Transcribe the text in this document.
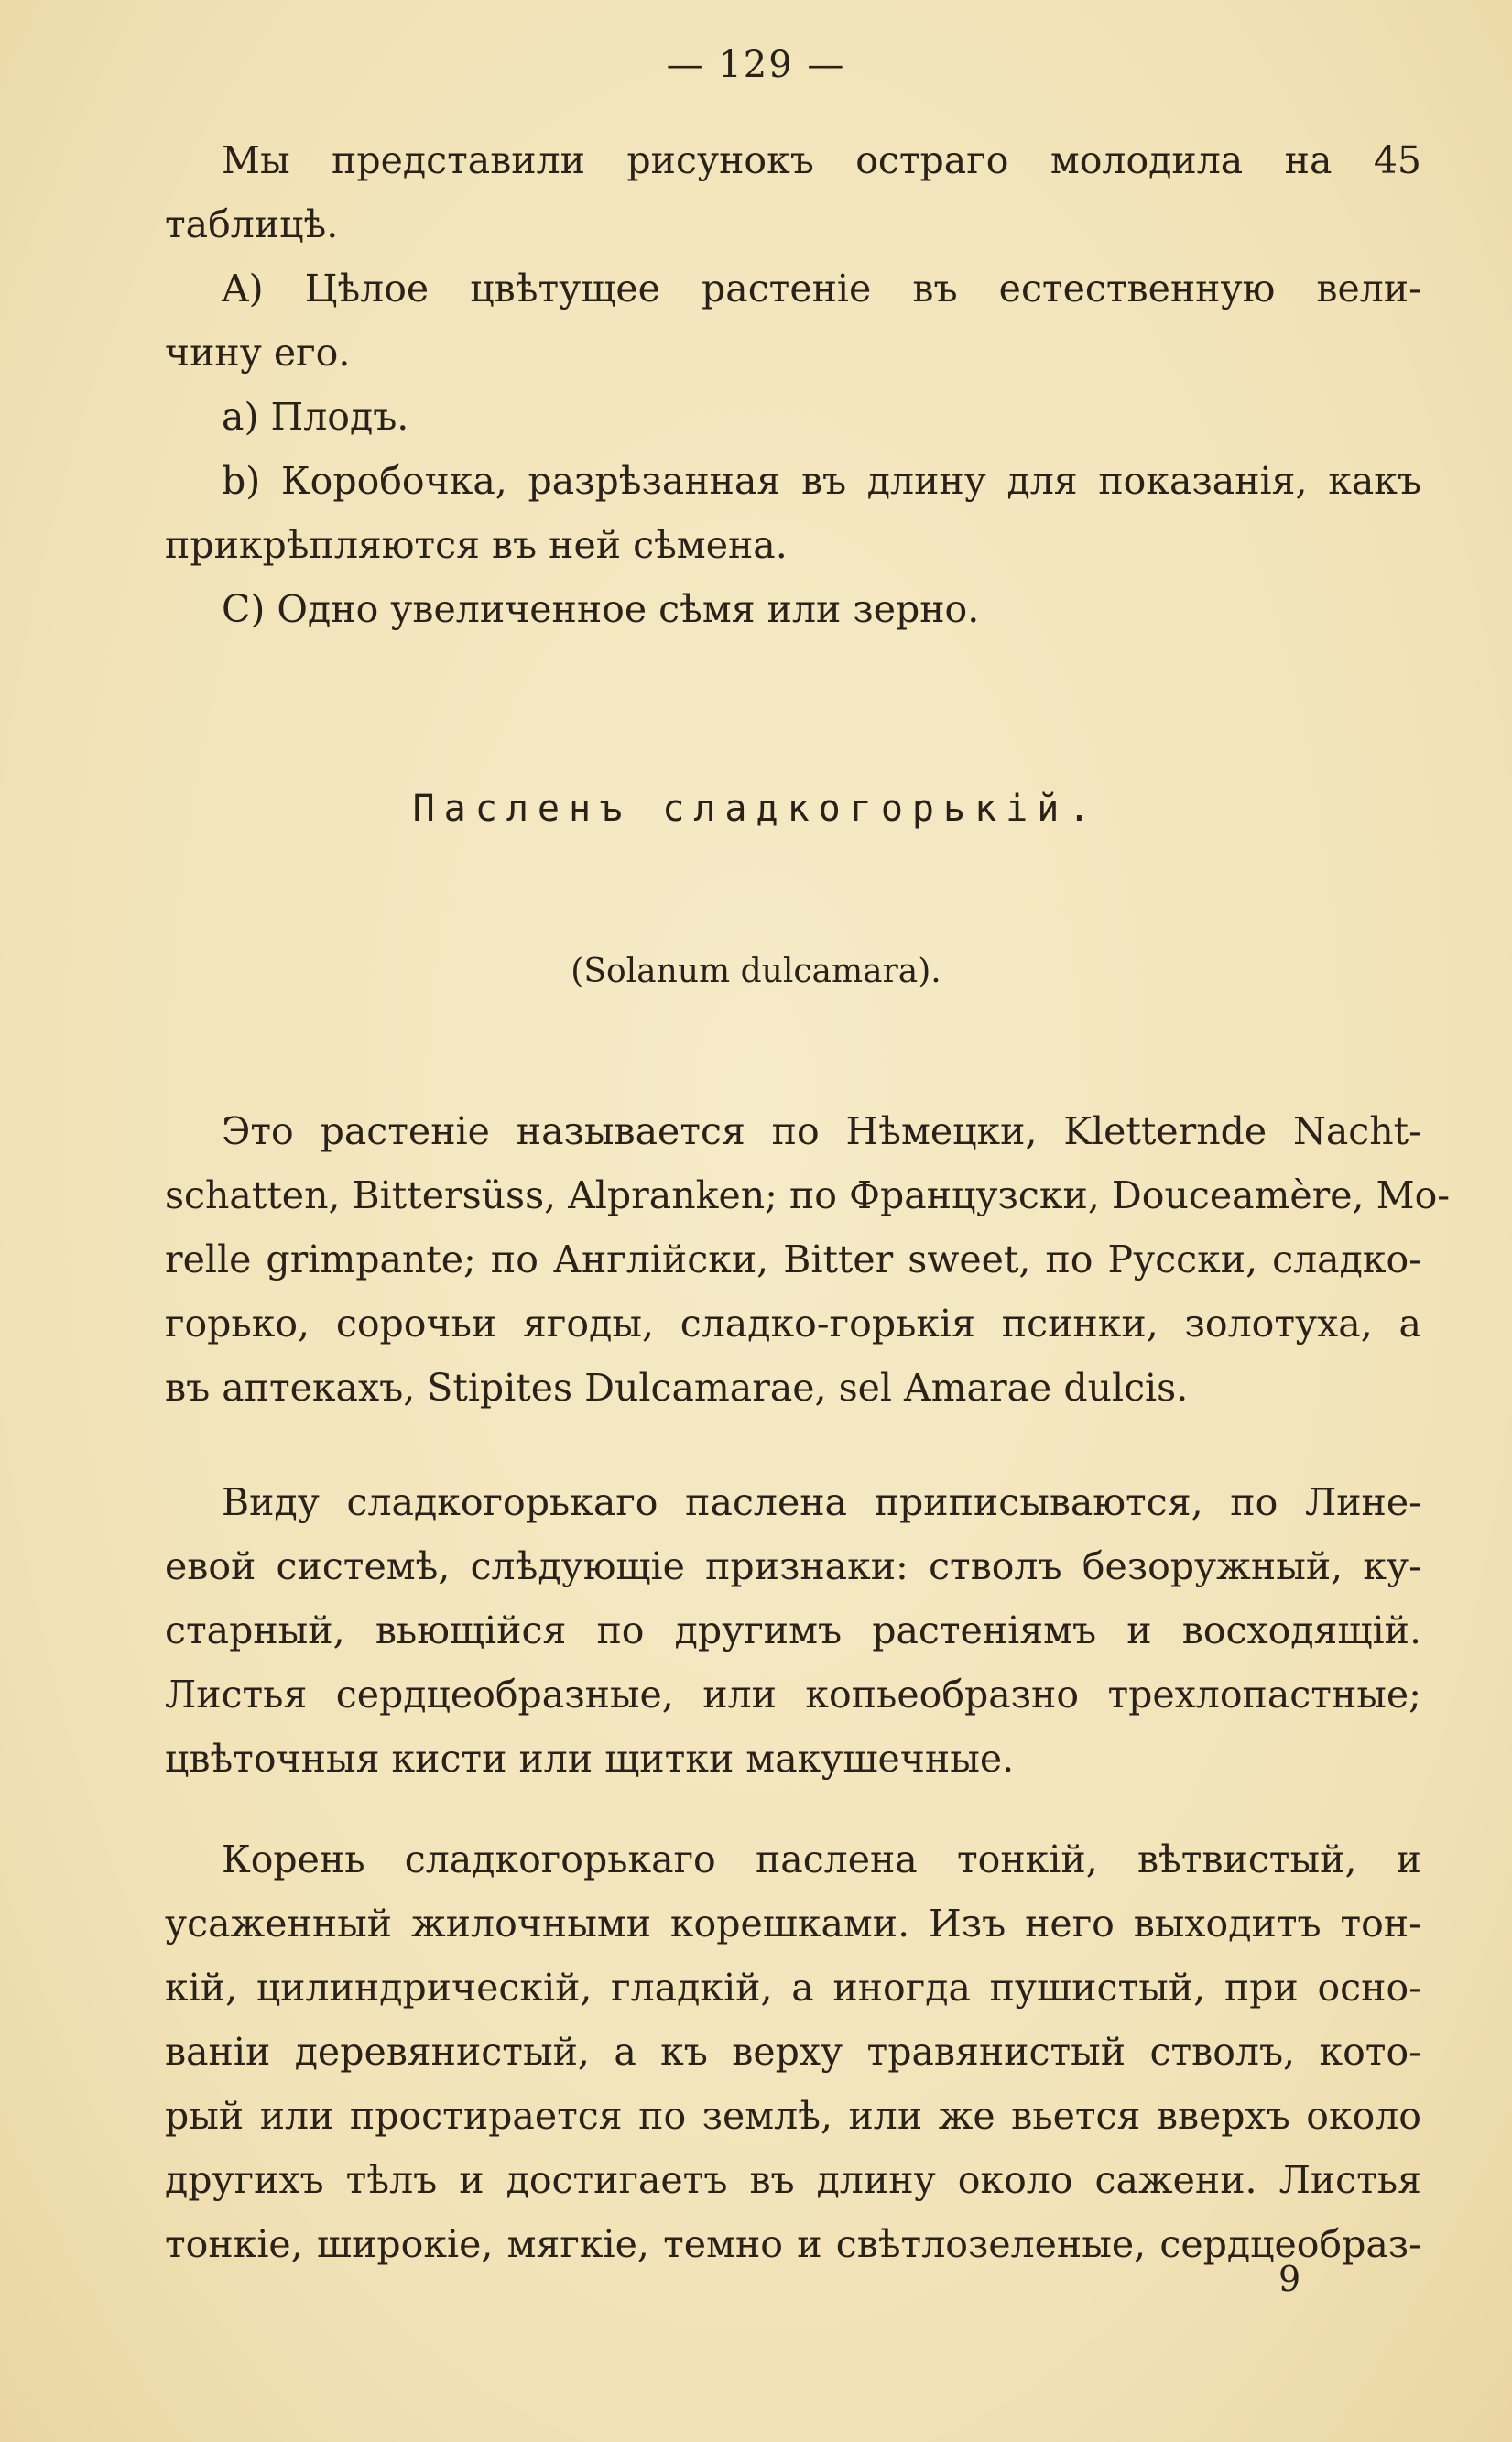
— 129 —
Мы представили рисунокъ остраго молодила на 45
таблицѣ.
A) Цѣлое цвѣтущее растеніе въ естественную вели-
чину его.
a) Плодъ.
b) Коробочка, разрѣзанная въ длину для показанія, какъ
прикрѣпляются въ ней сѣмена.
C) Одно увеличенное сѣмя или зерно.
Пасленъ сладкогорькій.
(Solanum dulcamara).
Это растеніе называется по Нѣмецки, Kletternde Nacht-
schatten, Bittersüss, Alpranken; по Французски, Douceamère, Mo-
relle grimpante; по Англійски, Bitter sweet, по Русски, сладко-
горько, сорочьи ягоды, сладко-горькія псинки, золотуха, а
въ аптекахъ, Stipites Dulcamarae, sel Amarae dulcis.
Виду сладкогорькаго паслена приписываются, по Лине-
евой системѣ, слѣдующіе признаки: стволъ безоружный, ку-
старный, вьющійся по другимъ растеніямъ и восходящій.
Листья сердцеобразные, или копьеобразно трехлопастные;
цвѣточныя кисти или щитки макушечные.
Корень сладкогорькаго паслена тонкій, вѣтвистый, и
усаженный жилочными корешками. Изъ него выходитъ тон-
кій, цилиндрическій, гладкій, а иногда пушистый, при осно-
ваніи деревянистый, а къ верху травянистый стволъ, кото-
рый или простирается по землѣ, или же вьется вверхъ около
другихъ тѣлъ и достигаетъ въ длину около сажени. Листья
тонкіе, широкіе, мягкіе, темно и свѣтлозеленые, сердцеобраз-
9
